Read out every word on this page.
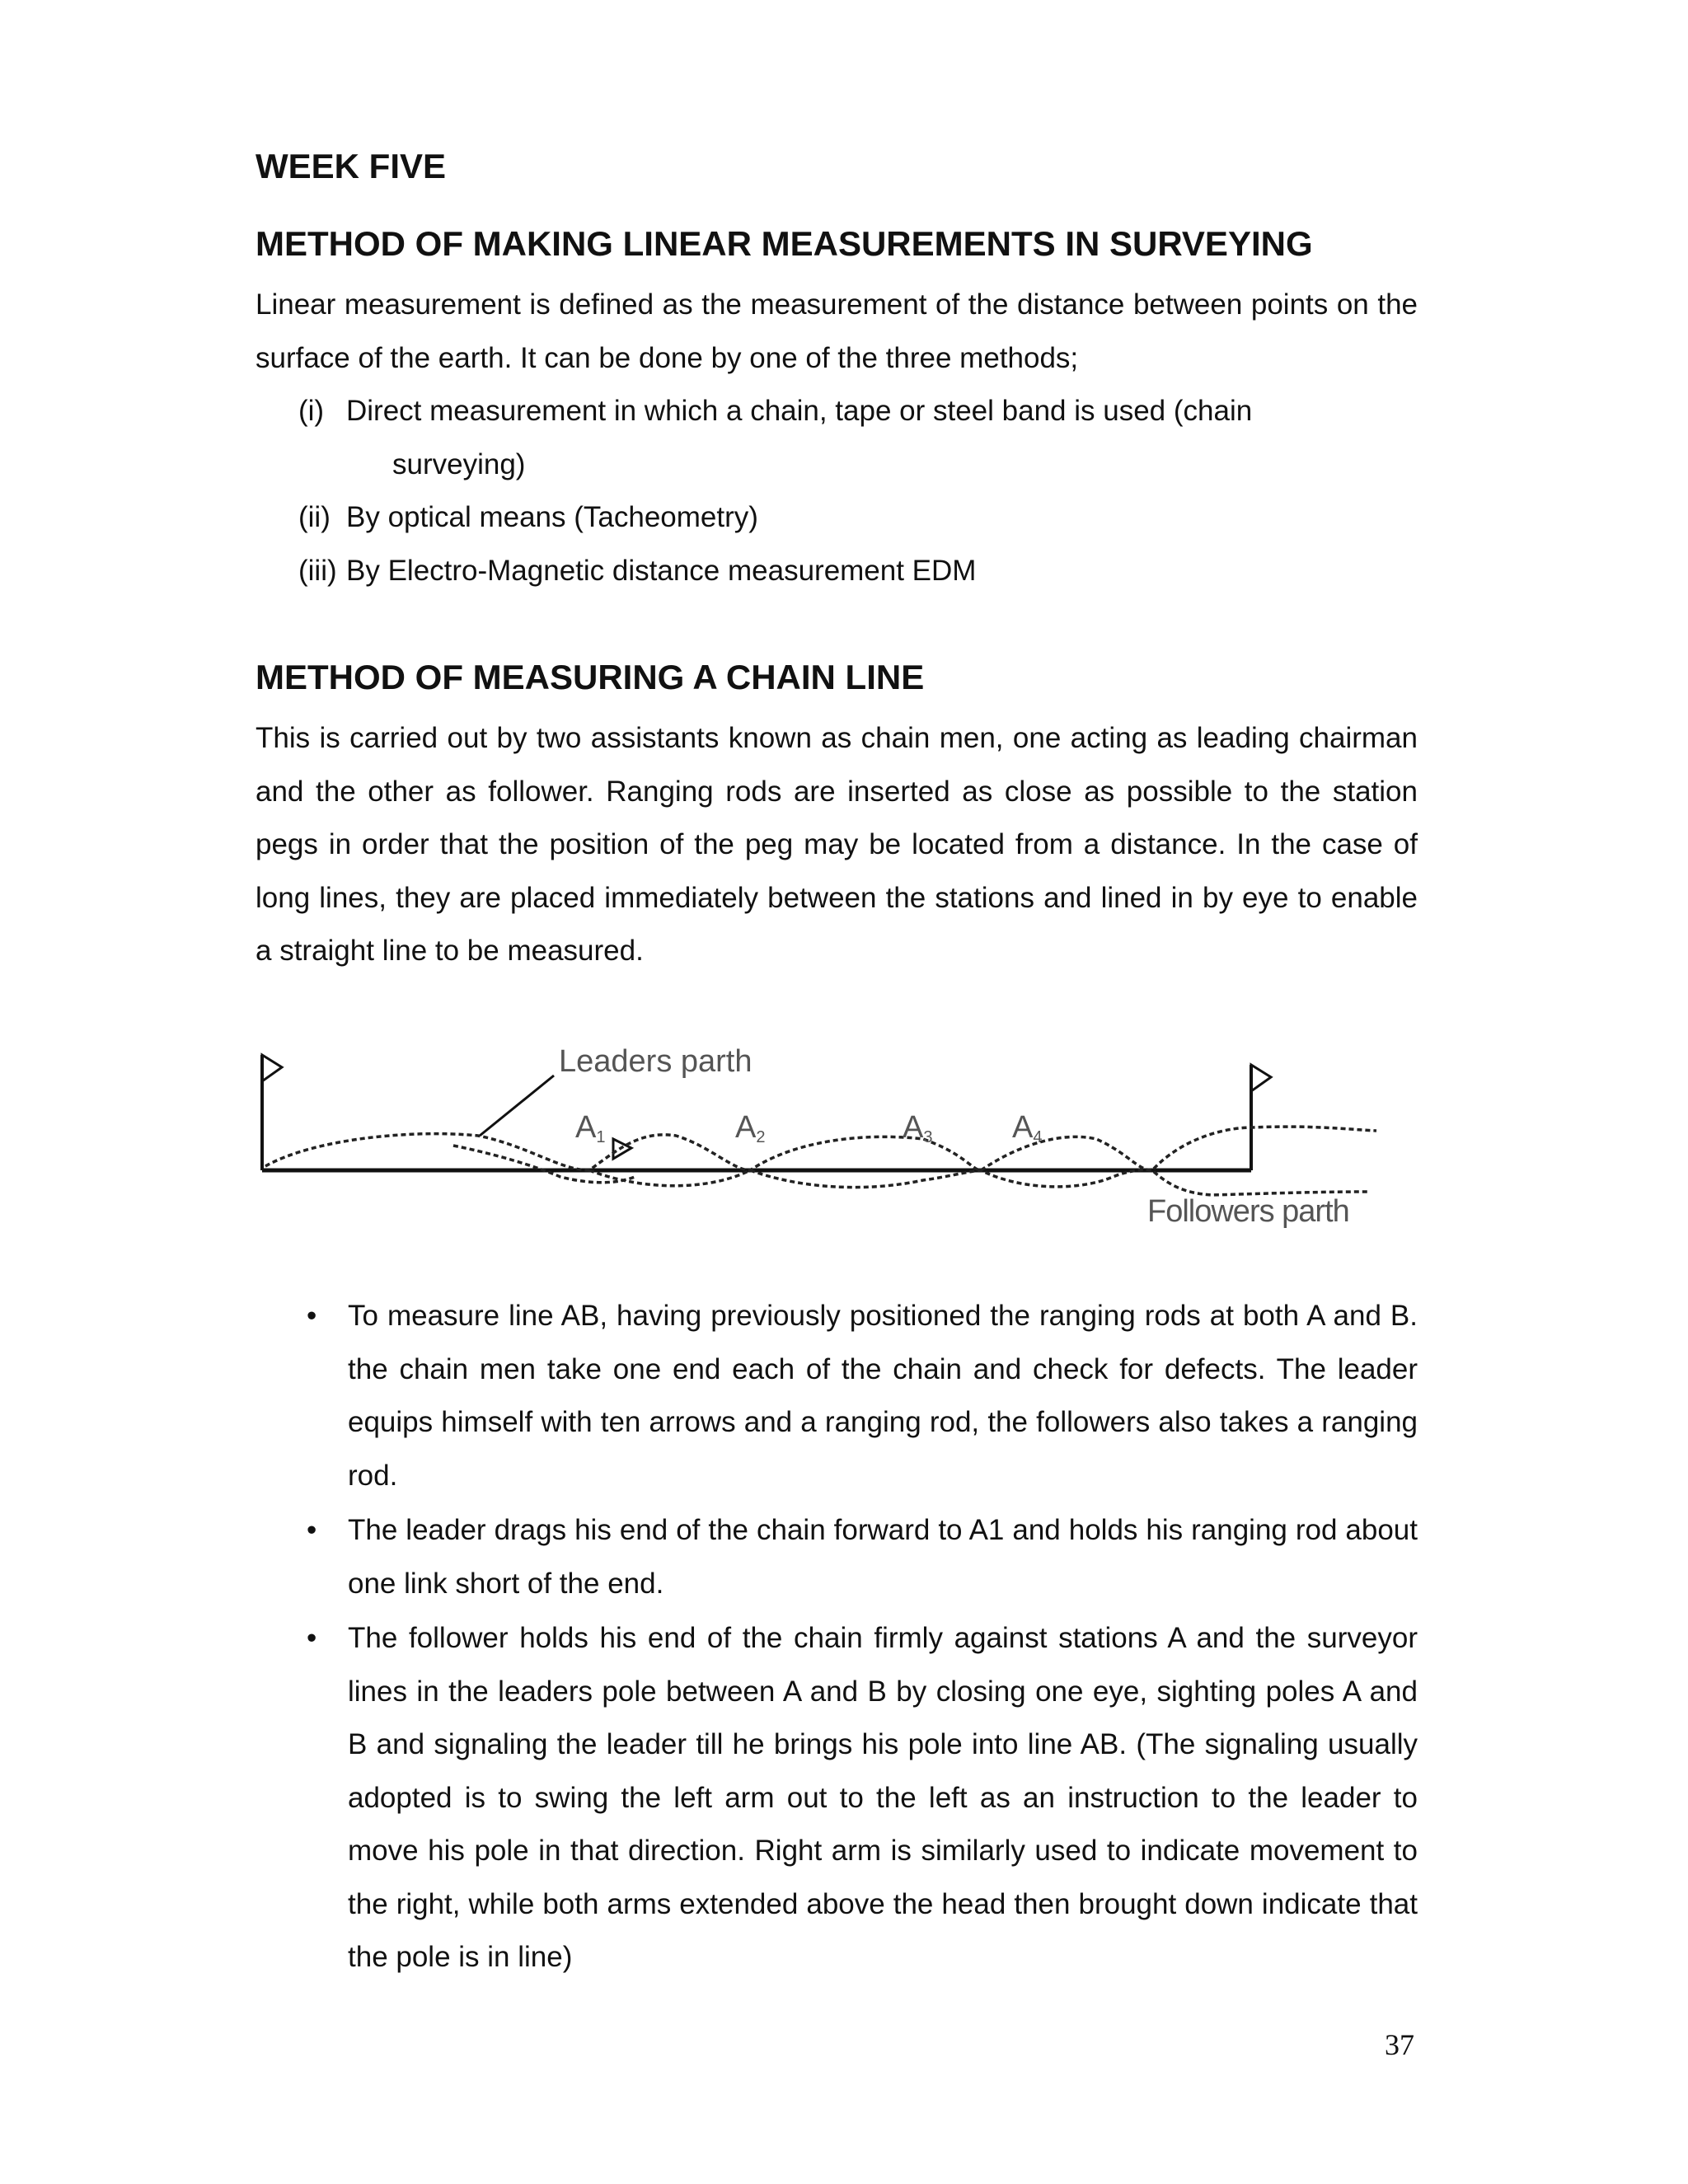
WEEK FIVE
METHOD OF MAKING LINEAR MEASUREMENTS IN SURVEYING

Linear measurement is defined as the measurement of the distance between points on the surface of the earth. It can be done by one of the three methods;

(i) Direct measurement in which a chain, tape or steel band is used (chain
surveying)
(ii) By optical means (Tacheometry)
(iii) By Electro-Magnetic distance measurement EDM
METHOD OF MEASURING A CHAIN LINE

This is carried out by two assistants known as chain men, one acting as leading chairman and the other as follower. Ranging rods are inserted as close as possible to the station pegs in order that the position of the peg may be located from a distance. In the case of long lines, they are placed immediately between the stations and lined in by eye to enable a straight line to be measured.

Leaders parth
Followers parth
A1	A2	A3	A4
• To measure line AB, having previously positioned the ranging rods at both A and B. the chain men take one end each of the chain and check for defects. The leader equips himself with ten arrows and a ranging rod, the followers also takes a ranging rod.
• The leader drags his end of the chain forward to A1 and holds his ranging rod about one link short of the end.
• The follower holds his end of the chain firmly against stations A and the surveyor lines in the leaders pole between A and B by closing one eye, sighting poles A and B and signaling the leader till he brings his pole into line AB. (The signaling usually adopted is to swing the left arm out to the left as an instruction to the leader to move his pole in that direction. Right arm is similarly used to indicate movement to the right, while both arms extended above the head then brought down indicate that the pole is in line)
37
